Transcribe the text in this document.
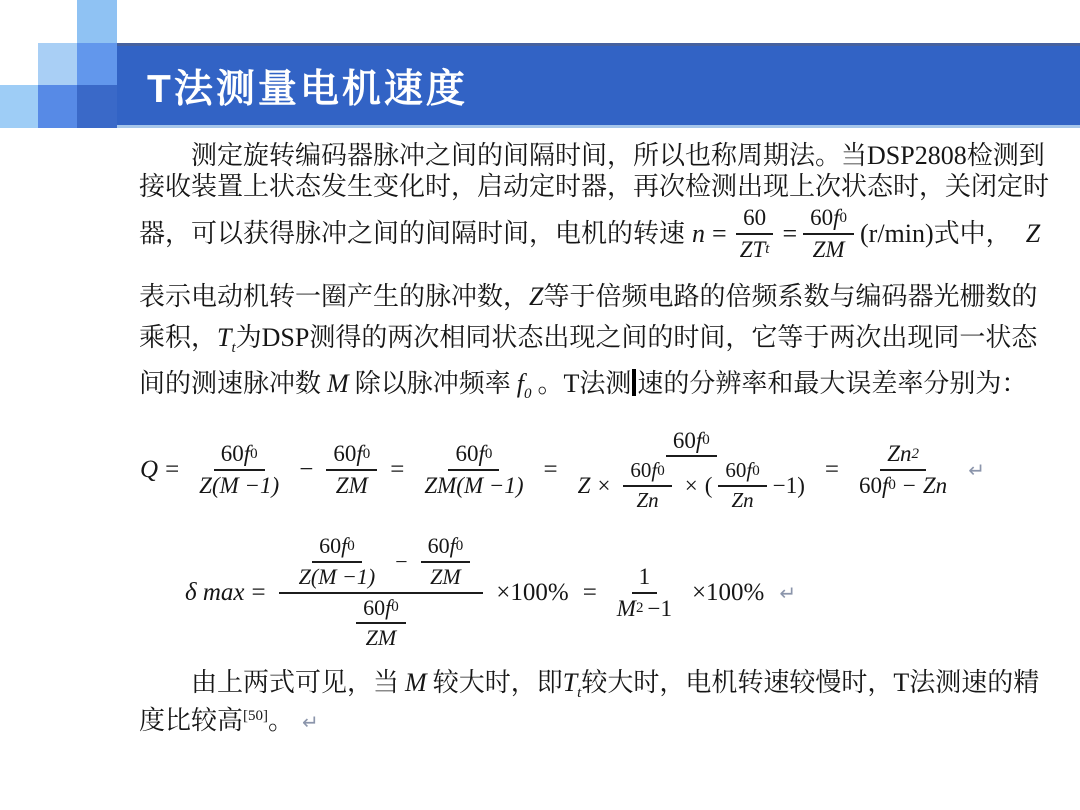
T法测量电机速度
测定旋转编码器脉冲之间的间隔时间，所以也称周期法。当DSP2808检测到
接收装置上状态发生变化时，启动定时器，再次检测出现上次状态时，关闭定时
器，可以获得脉冲之间的间隔时间，电机的转速 $n = \frac{60}{\text{ZT t}} = \frac{60 f 0}{ZM} (r/\min)$ 式中， Z
表示电动机转一圈产生的脉冲数，Z等于倍频电路的倍频系数与编码器光栅数的
乘积，$T_t$为DSP测得的两次相同状态出现之间的时间，它等于两次出现同一状态
间的测速脉冲数 M 除以脉冲频率 $f_0$ 。T法测 速的分辨率和最大误差率分别为：
$Q = \frac{60 f 0}{Z(M -1)} - \frac{60 f 0}{ZM} = \frac{60 f 0}{ZM(M -1)}$ =
60 f 0
$Z \times \frac{60 f 0}{Zn}$ × ( $\frac{60 f 0}{Zn} -1$)
= $\frac{Zn 2}{60 f 0 - Zn}$ ↵
δ max =
$\frac{60 f 0}{Z(M -1)} - \frac{60 f 0}{ZM}$
$\frac{60 f 0}{ZM}$
$\times 100\% = \frac{1}{M 2 -1} \times 100\%$ ↵
由上两式可见，当 M 较大时，即$T_t$较大时，电机转速较慢时，T法测速的精
度比较高[50]。 ↵
